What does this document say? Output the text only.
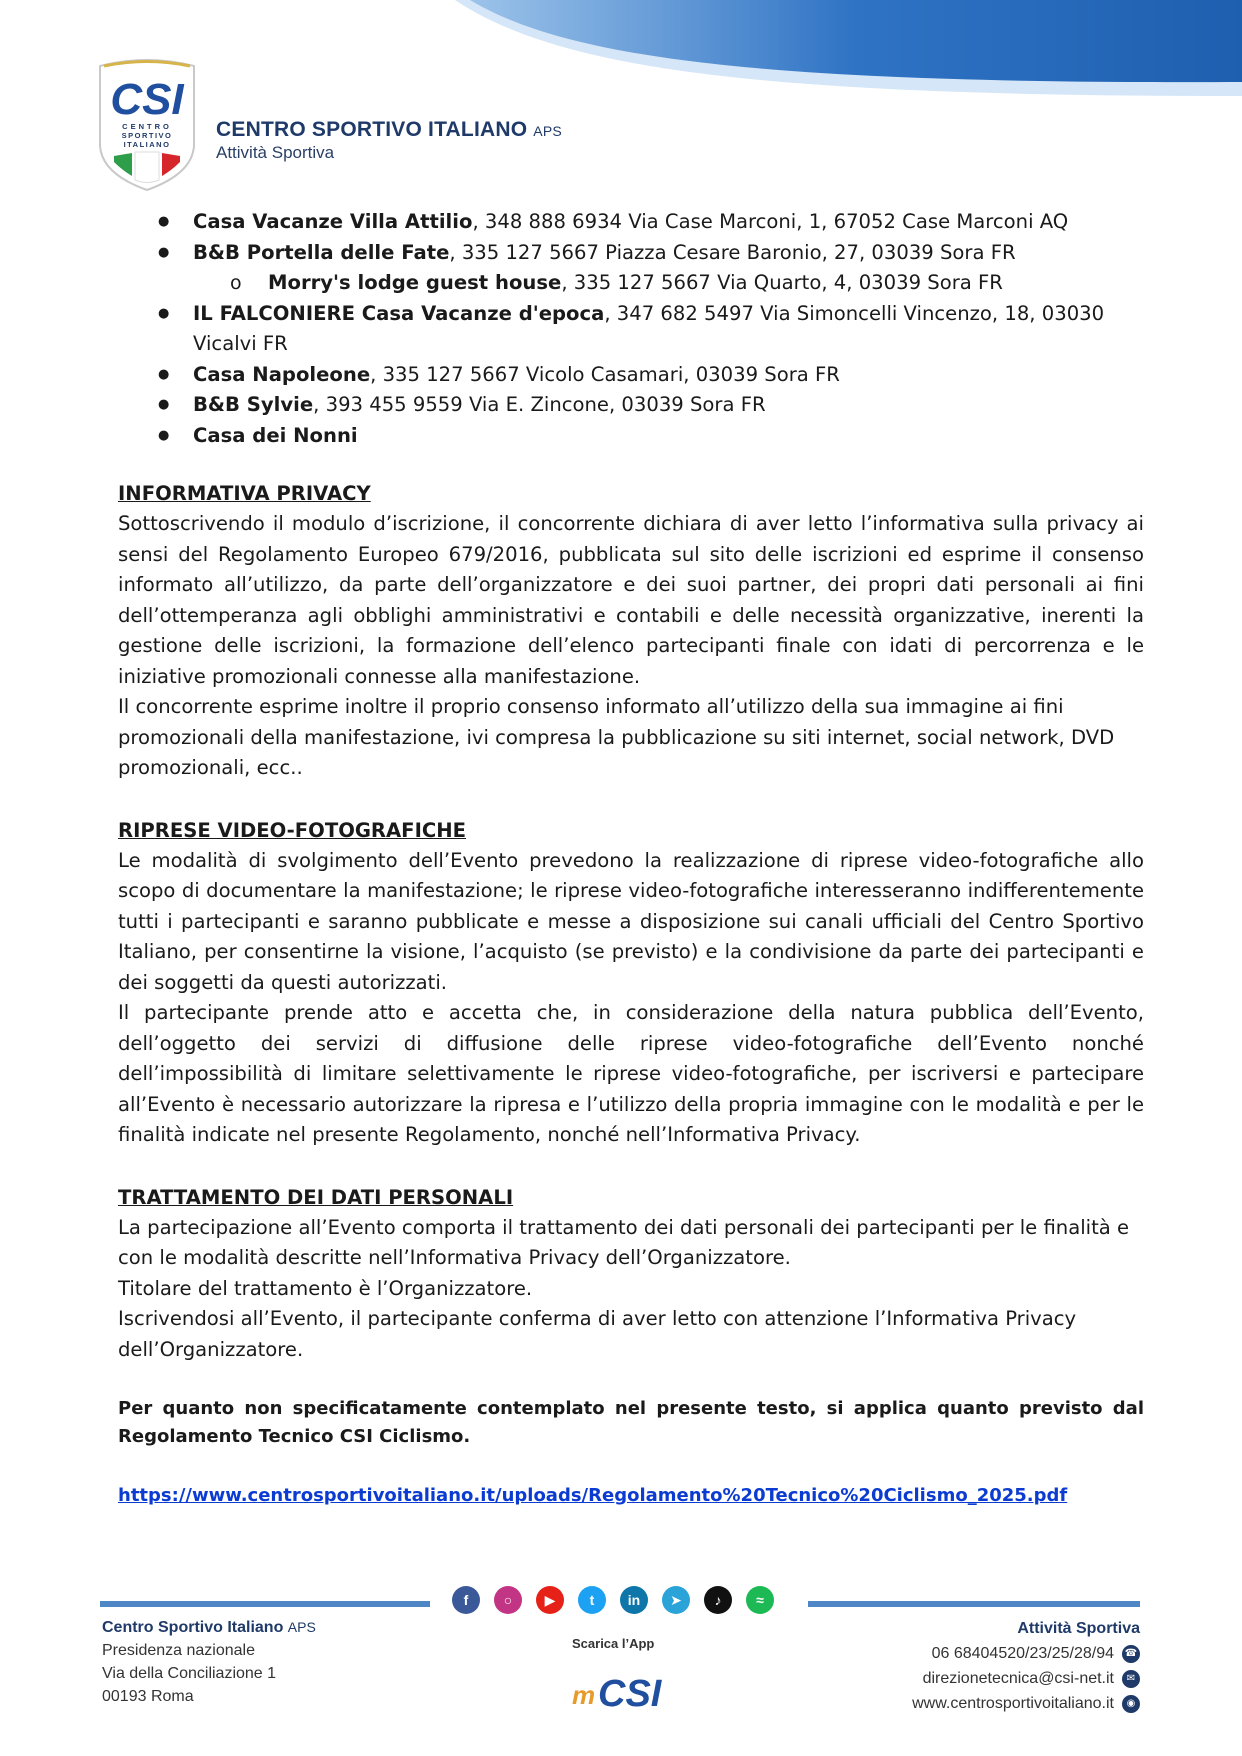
CSI
CENTRO
SPORTIVO
ITALIANO
CENTRO SPORTIVO ITALIANO APS
Attività Sportiva
● Casa Vacanze Villa Attilio, 348 888 6934 Via Case Marconi, 1, 67052 Case Marconi AQ
● B&B Portella delle Fate, 335 127 5667 Piazza Cesare Baronio, 27, 03039 Sora FR
o Morry's lodge guest house, 335 127 5667 Via Quarto, 4, 03039 Sora FR
● IL FALCONIERE Casa Vacanze d'epoca, 347 682 5497 Via Simoncelli Vincenzo, 18, 03030 Vicalvi FR
● Casa Napoleone, 335 127 5667 Vicolo Casamari, 03039 Sora FR
● B&B Sylvie, 393 455 9559 Via E. Zincone, 03039 Sora FR
● Casa dei Nonni
INFORMATIVA PRIVACY

Sottoscrivendo il modulo d’iscrizione, il concorrente dichiara di aver letto l’informativa sulla privacy ai sensi del Regolamento Europeo 679/2016, pubblicata sul sito delle iscrizioni ed esprime il consenso informato all’utilizzo, da parte dell’organizzatore e dei suoi partner, dei propri dati personali ai fini dell’ottemperanza agli obblighi amministrativi e contabili e delle necessità organizzative, inerenti la gestione delle iscrizioni, la formazione dell’elenco partecipanti finale con idati di percorrenza e le iniziative promozionali connesse alla manifestazione.

Il concorrente esprime inoltre il proprio consenso informato all’utilizzo della sua immagine ai fini promozionali della manifestazione, ivi compresa la pubblicazione su siti internet, social network, DVD promozionali, ecc..

RIPRESE VIDEO-FOTOGRAFICHE

Le modalità di svolgimento dell’Evento prevedono la realizzazione di riprese video-fotografiche allo scopo di documentare la manifestazione; le riprese video-fotografiche interesseranno indifferentemente tutti i partecipanti e saranno pubblicate e messe a disposizione sui canali ufficiali del Centro Sportivo Italiano, per consentirne la visione, l’acquisto (se previsto) e la condivisione da parte dei partecipanti e dei soggetti da questi autorizzati.

Il partecipante prende atto e accetta che, in considerazione della natura pubblica dell’Evento, dell’oggetto dei servizi di diffusione delle riprese video-fotografiche dell’Evento nonché dell’impossibilità di limitare selettivamente le riprese video-fotografiche, per iscriversi e partecipare all’Evento è necessario autorizzare la ripresa e l’utilizzo della propria immagine con le modalità e per le finalità indicate nel presente Regolamento, nonché nell’Informativa Privacy.

TRATTAMENTO DEI DATI PERSONALI

La partecipazione all’Evento comporta il trattamento dei dati personali dei partecipanti per le finalità e con le modalità descritte nell’Informativa Privacy dell’Organizzatore.

Titolare del trattamento è l’Organizzatore.

Iscrivendosi all’Evento, il partecipante conferma di aver letto con attenzione l’Informativa Privacy dell’Organizzatore.

Per quanto non specificatamente contemplato nel presente testo, si applica quanto previsto dal Regolamento Tecnico CSI Ciclismo.

https://www.centrosportivoitaliano.it/uploads/Regolamento%20Tecnico%20Ciclismo_2025.pdf
f	○	▶	t	in	➤	♪	≈
Centro Sportivo Italiano APS
Presidenza nazionale
Via della Conciliazione 1
00193 Roma
Scarica l’App
m CSI
Attività Sportiva
06 68404520/23/25/28/94 ☎
direzionetecnica@csi-net.it	✉
www.centrosportivoitaliano.it	◉
